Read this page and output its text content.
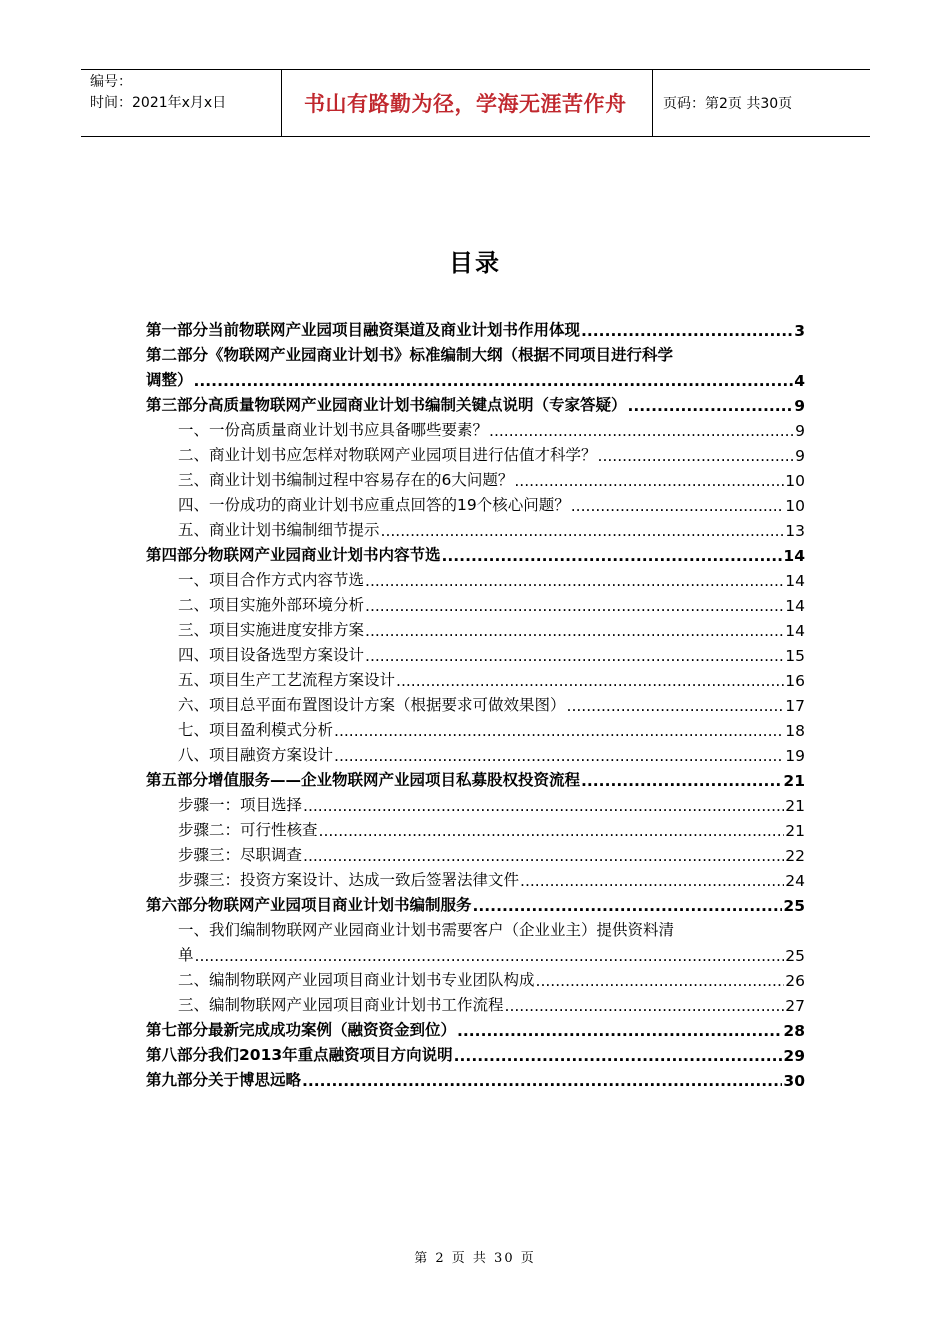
编号：
时间：2021年x月x日	书山有路勤为径，学海无涯苦作舟	页码：第2页 共30页
目录
第一部分当前物联网产业园项目融资渠道及商业计划书作用体现 .....	3
第二部分《物联网产业园商业计划书》标准编制大纲（根据不同项目进行科学
调整） .....	4
第三部分高质量物联网产业园商业计划书编制关键点说明（专家答疑） .....	9
一、一份高质量商业计划书应具备哪些要素？ .....	9
二、商业计划书应怎样对物联网产业园项目进行估值才科学？ .....	9
三、商业计划书编制过程中容易存在的6大问题？ .....	10
四、一份成功的商业计划书应重点回答的19个核心问题？ .....	10
五、商业计划书编制细节提示 .....	13
第四部分物联网产业园商业计划书内容节选 .....	14
一、项目合作方式内容节选 .....	14
二、项目实施外部环境分析 .....	14
三、项目实施进度安排方案 .....	14
四、项目设备选型方案设计 .....	15
五、项目生产工艺流程方案设计 .....	16
六、项目总平面布置图设计方案（根据要求可做效果图） .....	17
七、项目盈利模式分析 .....	18
八、项目融资方案设计 .....	19
第五部分增值服务——企业物联网产业园项目私募股权投资流程 .....	21
步骤一：项目选择 .....	21
步骤二：可行性核查 .....	21
步骤三：尽职调查 .....	22
步骤三：投资方案设计、达成一致后签署法律文件 .....	24
第六部分物联网产业园项目商业计划书编制服务 .....	25
一、我们编制物联网产业园商业计划书需要客户（企业业主）提供资料清
单 .....	25
二、编制物联网产业园项目商业计划书专业团队构成 .....	26
三、编制物联网产业园项目商业计划书工作流程 .....	27
第七部分最新完成成功案例（融资资金到位） .....	28
第八部分我们2013年重点融资项目方向说明 .....	29
第九部分关于博思远略 .....	30
第 2 页 共 30 页
